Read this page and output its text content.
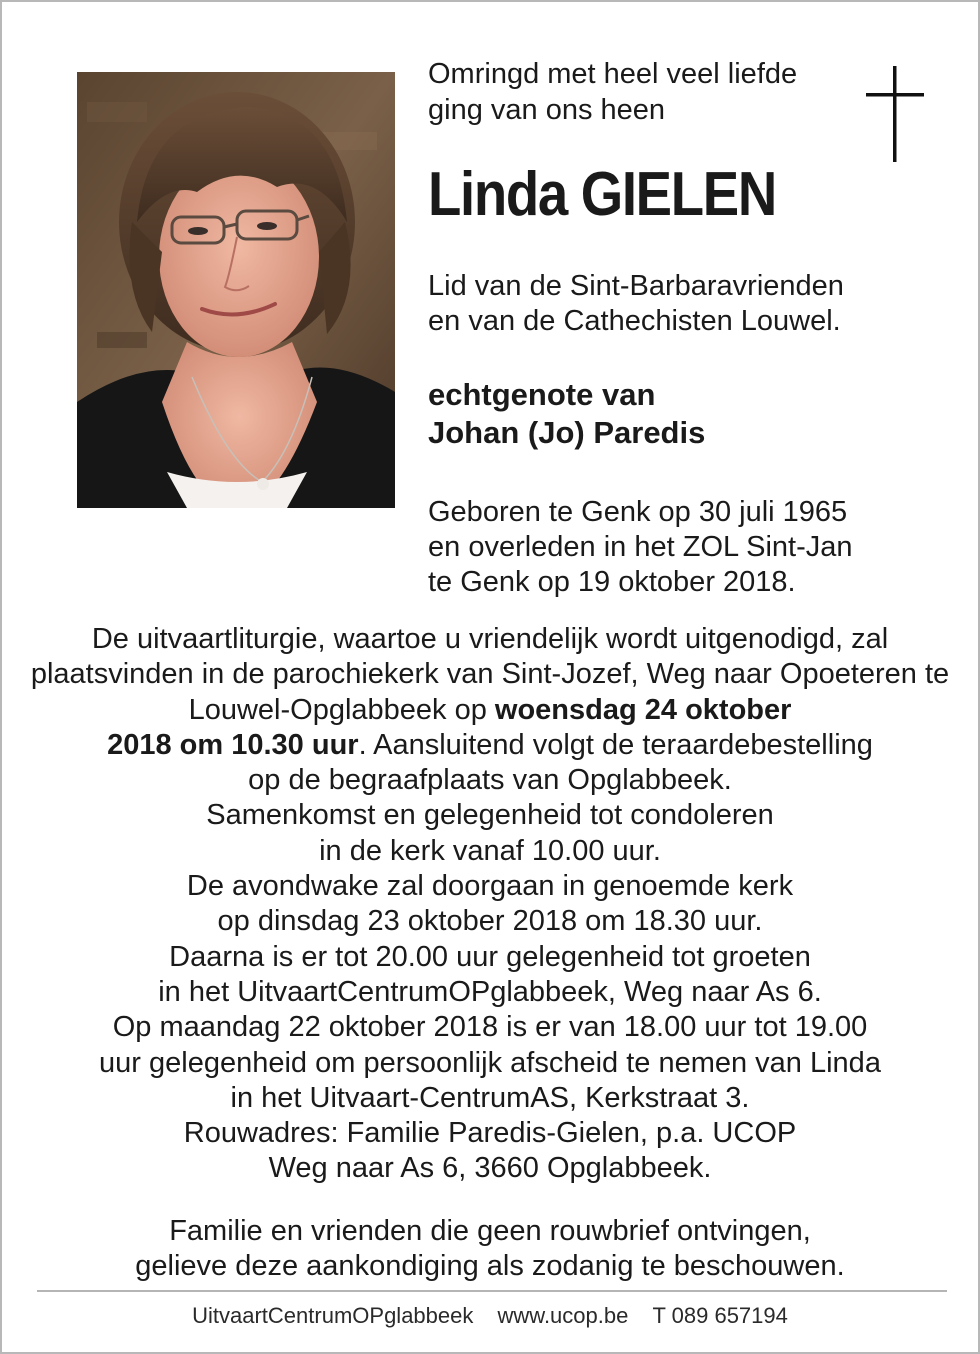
Omringd met heel veel liefde
ging van ons heen

Linda GIELEN

Lid van de Sint-Barbaravrienden
en van de Cathechisten Louwel.

echtgenote van
Johan (Jo) Paredis

Geboren te Genk op 30 juli 1965
en overleden in het ZOL Sint-Jan
te Genk op 19 oktober 2018.

De uitvaartliturgie, waartoe u vriendelijk wordt uitgenodigd, zal plaatsvinden in de parochiekerk van Sint-Jozef, Weg naar Opoeteren te Louwel-Opglabbeek op woensdag 24 oktober
2018 om 10.30 uur. Aansluitend volgt de teraardebestelling
op de begraafplaats van Opglabbeek.
Samenkomst en gelegenheid tot condoleren
in de kerk vanaf 10.00 uur.
De avondwake zal doorgaan in genoemde kerk
op dinsdag 23 oktober 2018 om 18.30 uur.
Daarna is er tot 20.00 uur gelegenheid tot groeten
in het UitvaartCentrumOPglabbeek, Weg naar As 6.
Op maandag 22 oktober 2018 is er van 18.00 uur tot 19.00
uur gelegenheid om persoonlijk afscheid te nemen van Linda
in het Uitvaart-CentrumAS, Kerkstraat 3.
Rouwadres: Familie Paredis-Gielen, p.a. UCOP
Weg naar As 6, 3660 Opglabbeek.

Familie en vrienden die geen rouwbrief ontvingen,
gelieve deze aankondiging als zodanig te beschouwen.

UitvaartCentrumOPglabbeek www.ucop.be T 089 657194
